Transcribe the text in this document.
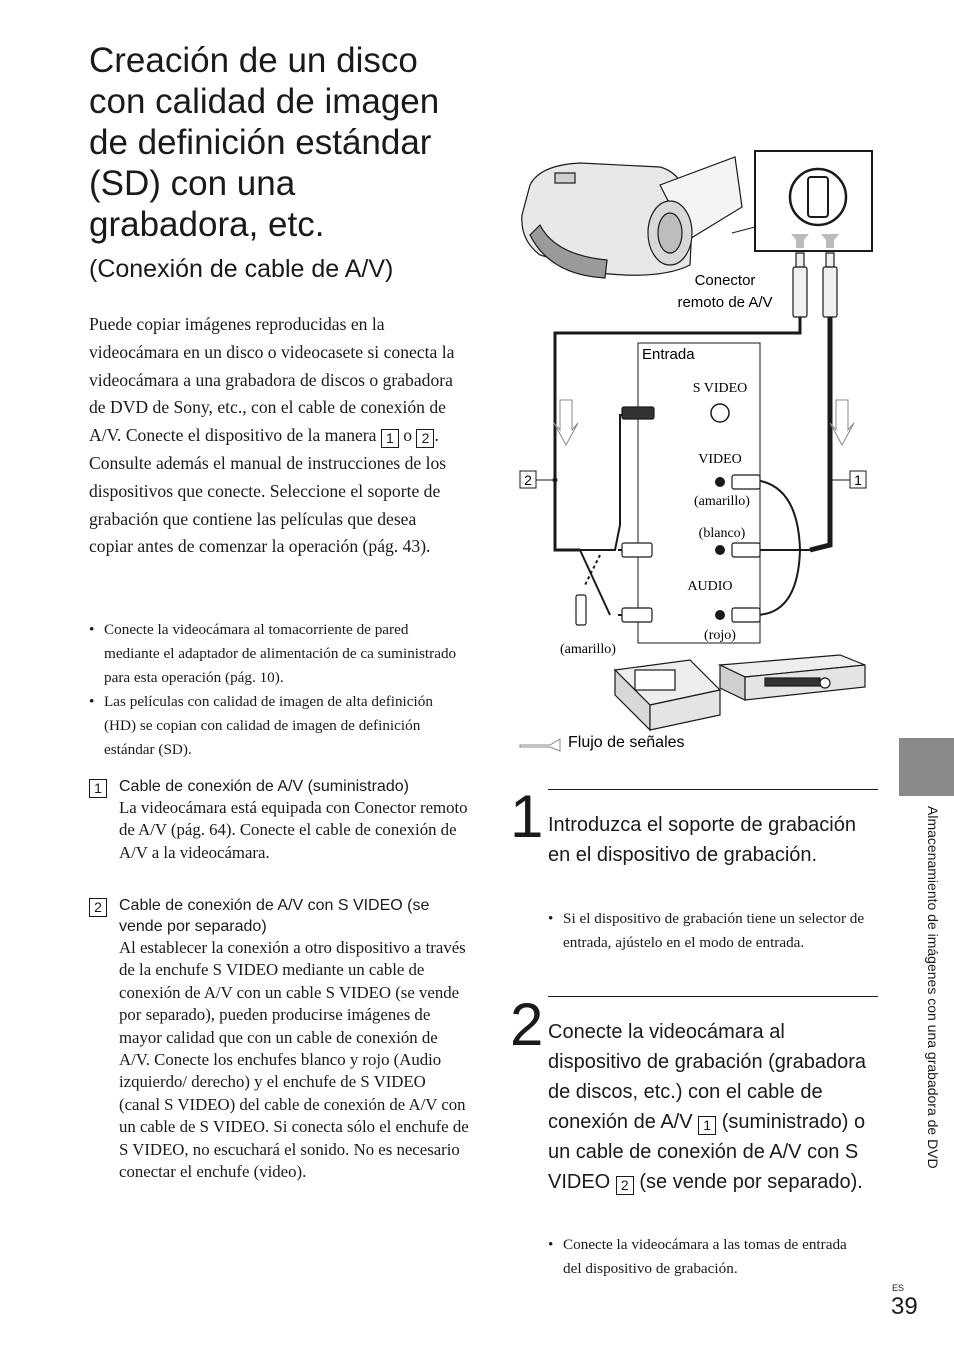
Creación de un disco con calidad de imagen de definición estándar (SD) con una grabadora, etc.
(Conexión de cable de A/V)

Puede copiar imágenes reproducidas en la videocámara en un disco o videocasete si conecta la videocámara a una grabadora de discos o grabadora de DVD de Sony, etc., con el cable de conexión de A/V. Conecte el dispositivo de la manera 1 o 2 . Consulte además el manual de instrucciones de los dispositivos que conecte. Seleccione el soporte de grabación que contiene las películas que desea copiar antes de comenzar la operación (pág. 43).

• Conecte la videocámara al tomacorriente de pared mediante el adaptador de alimentación de ca suministrado para esta operación (pág. 10).
• Las películas con calidad de imagen de alta definición (HD) se copian con calidad de imagen de definición estándar (SD).
1	Cable de conexión de A/V (suministrado)
La videocámara está equipada con Conector remoto de A/V (pág. 64). Conecte el cable de conexión de A/V a la videocámara.
2	Cable de conexión de A/V con S VIDEO (se vende por separado)
Al establecer la conexión a otro dispositivo a través de la enchufe S VIDEO mediante un cable de conexión de A/V con un cable S VIDEO (se vende por separado), pueden producirse imágenes de mayor calidad que con un cable de conexión de A/V. Conecte los enchufes blanco y rojo (Audio izquierdo/ derecho) y el enchufe de S VIDEO (canal S VIDEO) del cable de conexión de A/V con un cable de S VIDEO. Si conecta sólo el enchufe de S VIDEO, no escuchará el sonido. No es necesario conectar el enchufe (video).
Conector
remoto de A/V
Entrada
S VIDEO
VIDEO
(amarillo)
(blanco)
AUDIO
(rojo)
(amarillo)
2	1
Flujo de señales
1 Introduzca el soporte de grabación en el dispositivo de grabación.

• Si el dispositivo de grabación tiene un selector de entrada, ajústelo en el modo de entrada.
2 Conecte la videocámara al dispositivo de grabación (grabadora de discos, etc.) con el cable de conexión de A/V 1 (suministrado) o un cable de conexión de A/V con S VIDEO 2 (se vende por separado).

• Conecte la videocámara a las tomas de entrada del dispositivo de grabación.
Almacenamiento de imágenes con una grabadora de DVD
ES
39
